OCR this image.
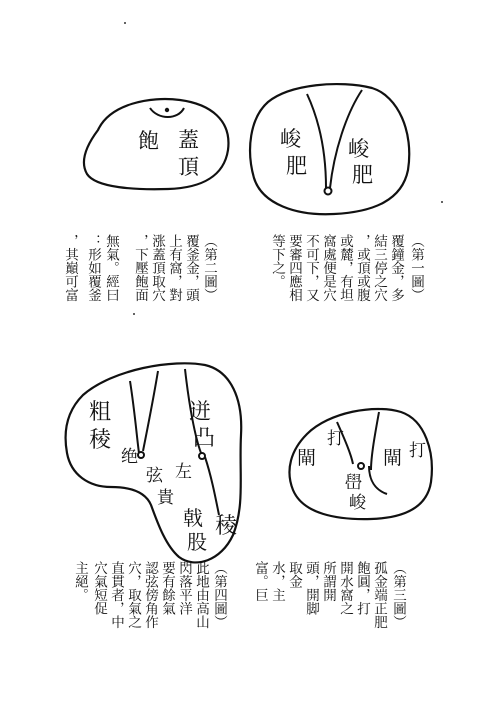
蓋
頂
飽	峻
肥
峻
肥
粗
稜
迸
凸
绝
弦 左
貴
稜
戟
股
打
閘	打
閘
嶨
峻
（第一圖）
覆鐘金，多
結三停之穴
，或頂或腹
或麓，有坦
窩處便是穴
不可下，又
要審四應相
等下之。
（第二圖）
覆釜金，頭
上有窩，對
涨蓋頂取穴
，下壓飽面
無氣。經曰
：形如覆釜
，其巔可富
（第三圖）
孤金端正肥
飽圓，打
開水窩之
所謂開
頭，開脚
取金
水，主
富。巨
（第四圖）
此地由高山
閃落平洋
要有餘氣
認弦傍角作
穴，取氣之
直貫者，中
穴氣短促
主絕。
